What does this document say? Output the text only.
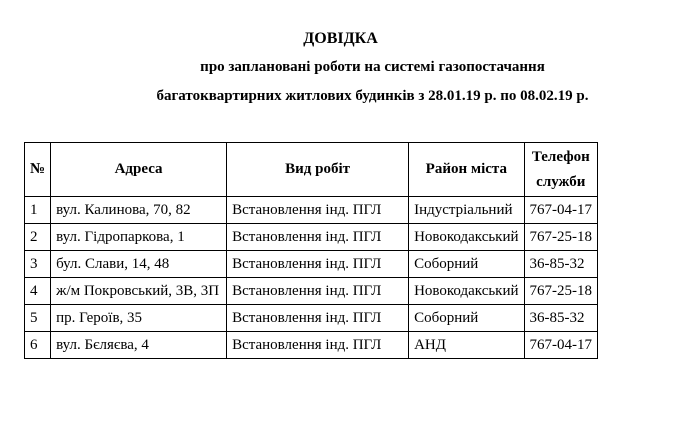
ДОВІДКА
про заплановані роботи на системі газопостачання
багатоквартирних житлових будинків з 28.01.19 р. по 08.02.19 р.
№	Адреса	Вид робіт	Район міста	Телефон
служби
1	вул. Калинова, 70, 82	Встановлення інд. ПГЛ	Індустріальний	767-04-17
2	вул. Гідропаркова, 1	Встановлення інд. ПГЛ	Новокодакський	767-25-18
3	бул. Слави, 14, 48	Встановлення інд. ПГЛ	Соборний	36-85-32
4	ж/м Покровський, 3В, 3П	Встановлення інд. ПГЛ	Новокодакський	767-25-18
5	пр. Героїв, 35	Встановлення інд. ПГЛ	Соборний	36-85-32
6	вул. Бєляєва, 4	Встановлення інд. ПГЛ	АНД	767-04-17
